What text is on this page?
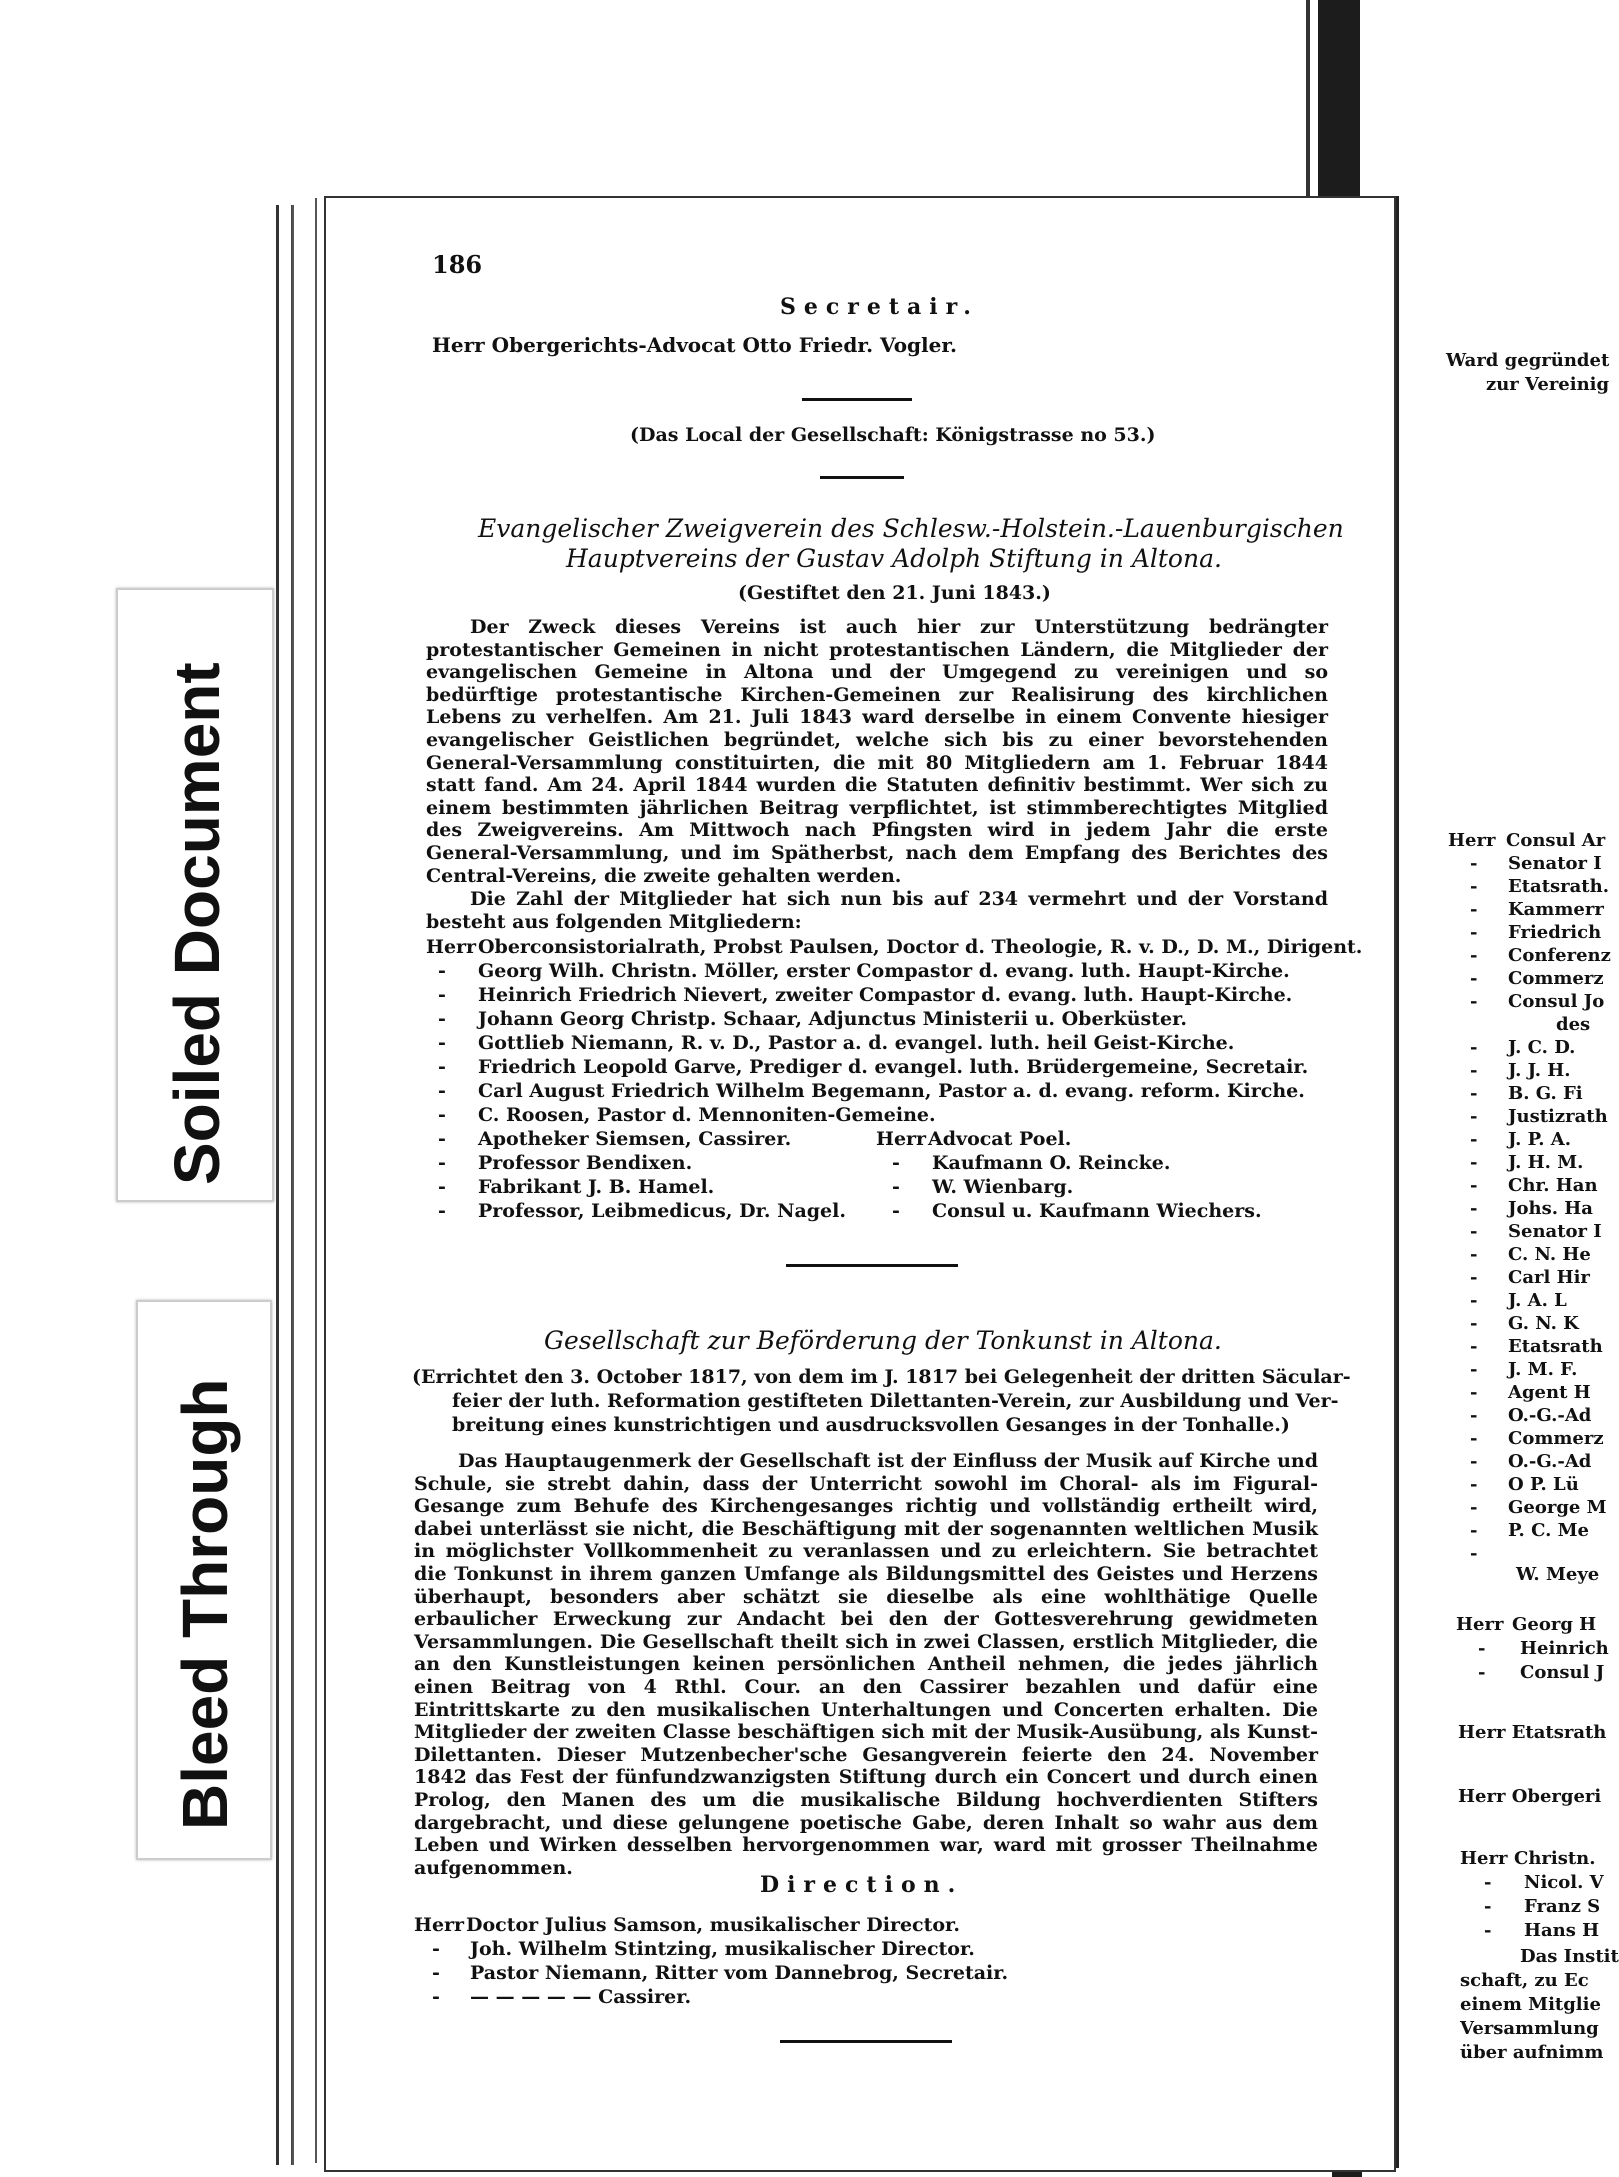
Soiled Document
Bleed Through
186
Secretair.
Herr Obergerichts-Advocat Otto Friedr. Vogler.
(Das Local der Gesellschaft: Königstrasse no 53.)
Evangelischer Zweigverein des Schlesw.-Holstein.-Lauenburgischen
Hauptvereins der Gustav Adolph Stiftung in Altona.
(Gestiftet den 21. Juni 1843.)
Der Zweck dieses Vereins ist auch hier zur Unterstützung bedrängter protestantischer Gemeinen in nicht protestantischen Ländern, die Mitglieder der evangelischen Gemeine in Altona und der Umgegend zu vereinigen und so bedürftige protestantische Kirchen-Gemeinen zur Realisirung des kirchlichen Lebens zu verhelfen. Am 21. Juli 1843 ward derselbe in einem Convente hiesiger evangelischer Geistlichen begründet, welche sich bis zu einer bevorstehenden General-Versammlung constituirten, die mit 80 Mitgliedern am 1. Februar 1844 statt fand. Am 24. April 1844 wurden die Statuten definitiv bestimmt. Wer sich zu einem bestimmten jährlichen Beitrag verpflichtet, ist stimmberechtigtes Mitglied des Zweigvereins. Am Mittwoch nach Pfingsten wird in jedem Jahr die erste General-Versammlung, und im Spätherbst, nach dem Empfang des Berichtes des Central-Vereins, die zweite gehalten werden.
Die Zahl der Mitglieder hat sich nun bis auf 234 vermehrt und der Vorstand besteht aus folgenden Mitgliedern:
Herr Oberconsistorialrath, Probst Paulsen, Doctor d. Theologie, R. v. D., D. M., Dirigent.
- Georg Wilh. Christn. Möller, erster Compastor d. evang. luth. Haupt-Kirche.
- Heinrich Friedrich Nievert, zweiter Compastor d. evang. luth. Haupt-Kirche.
- Johann Georg Christp. Schaar, Adjunctus Ministerii u. Oberküster.
- Gottlieb Niemann, R. v. D., Pastor a. d. evangel. luth. heil Geist-Kirche.
- Friedrich Leopold Garve, Prediger d. evangel. luth. Brüdergemeine, Secretair.
- Carl August Friedrich Wilhelm Begemann, Pastor a. d. evang. reform. Kirche.
- C. Roosen, Pastor d. Mennoniten-Gemeine.
- Apotheker Siemsen, Cassirer.
- Professor Bendixen.
- Fabrikant J. B. Hamel.
- Professor, Leibmedicus, Dr. Nagel.
Herr Advocat Poel.
- Kaufmann O. Reincke.
- W. Wienbarg.
- Consul u. Kaufmann Wiechers.
Gesellschaft zur Beförderung der Tonkunst in Altona.
(Errichtet den 3. October 1817, von dem im J. 1817 bei Gelegenheit der dritten Säcular-
feier der luth. Reformation gestifteten Dilettanten-Verein, zur Ausbildung und Ver-
breitung eines kunstrichtigen und ausdrucksvollen Gesanges in der Tonhalle.)
Das Hauptaugenmerk der Gesellschaft ist der Einfluss der Musik auf Kirche und Schule, sie strebt dahin, dass der Unterricht sowohl im Choral- als im Figural-Gesange zum Behufe des Kirchengesanges richtig und vollständig ertheilt wird, dabei unterlässt sie nicht, die Beschäftigung mit der sogenannten weltlichen Musik in möglichster Vollkommenheit zu veranlassen und zu erleichtern. Sie betrachtet die Tonkunst in ihrem ganzen Umfange als Bildungsmittel des Geistes und Herzens überhaupt, besonders aber schätzt sie dieselbe als eine wohlthätige Quelle erbaulicher Erweckung zur Andacht bei den der Gottesverehrung gewidmeten Versammlungen. Die Gesellschaft theilt sich in zwei Classen, erstlich Mitglieder, die an den Kunstleistungen keinen persönlichen Antheil nehmen, die jedes jährlich einen Beitrag von 4 Rthl. Cour. an den Cassirer bezahlen und dafür eine Eintrittskarte zu den musikalischen Unterhaltungen und Concerten erhalten. Die Mitglieder der zweiten Classe beschäftigen sich mit der Musik-Ausübung, als Kunst-Dilettanten. Dieser Mutzenbecher'sche Gesangverein feierte den 24. November 1842 das Fest der fünfundzwanzigsten Stiftung durch ein Concert und durch einen Prolog, den Manen des um die musikalische Bildung hochverdienten Stifters dargebracht, und diese gelungene poetische Gabe, deren Inhalt so wahr aus dem Leben und Wirken desselben hervorgenommen war, ward mit grosser Theilnahme aufgenommen.
Direction.
Herr Doctor Julius Samson, musikalischer Director.
- Joh. Wilhelm Stintzing, musikalischer Director.
- Pastor Niemann, Ritter vom Dannebrog, Secretair.
- — — — — — Cassirer.
Ward gegründet
zur Vereinig
Herr Consul Ar
- Senator I
- Etatsrath.
- Kammerr
- Friedrich
- Conferenz
- Commerz
- Consul Jo
des
- J. C. D.
- J. J. H.
- B. G. Fi
- Justizrath
- J. P. A.
- J. H. M.
- Chr. Han
- Johs. Ha
- Senator I
- C. N. He
- Carl Hir
- J. A. L
- G. N. K
- Etatsrath
- J. M. F.
- Agent H
- O.-G.-Ad
- Commerz
- O.-G.-Ad
- O P. Lü
- George M
- P. C. Me
-
W. Meye
Herr Georg H
- Heinrich
- Consul J
Herr Etatsrath
Herr Obergeri
Herr Christn.
- Nicol. V
- Franz S
- Hans H
Das Instit
schaft, zu Ec
einem Mitglie
Versammlung
über aufnimm
